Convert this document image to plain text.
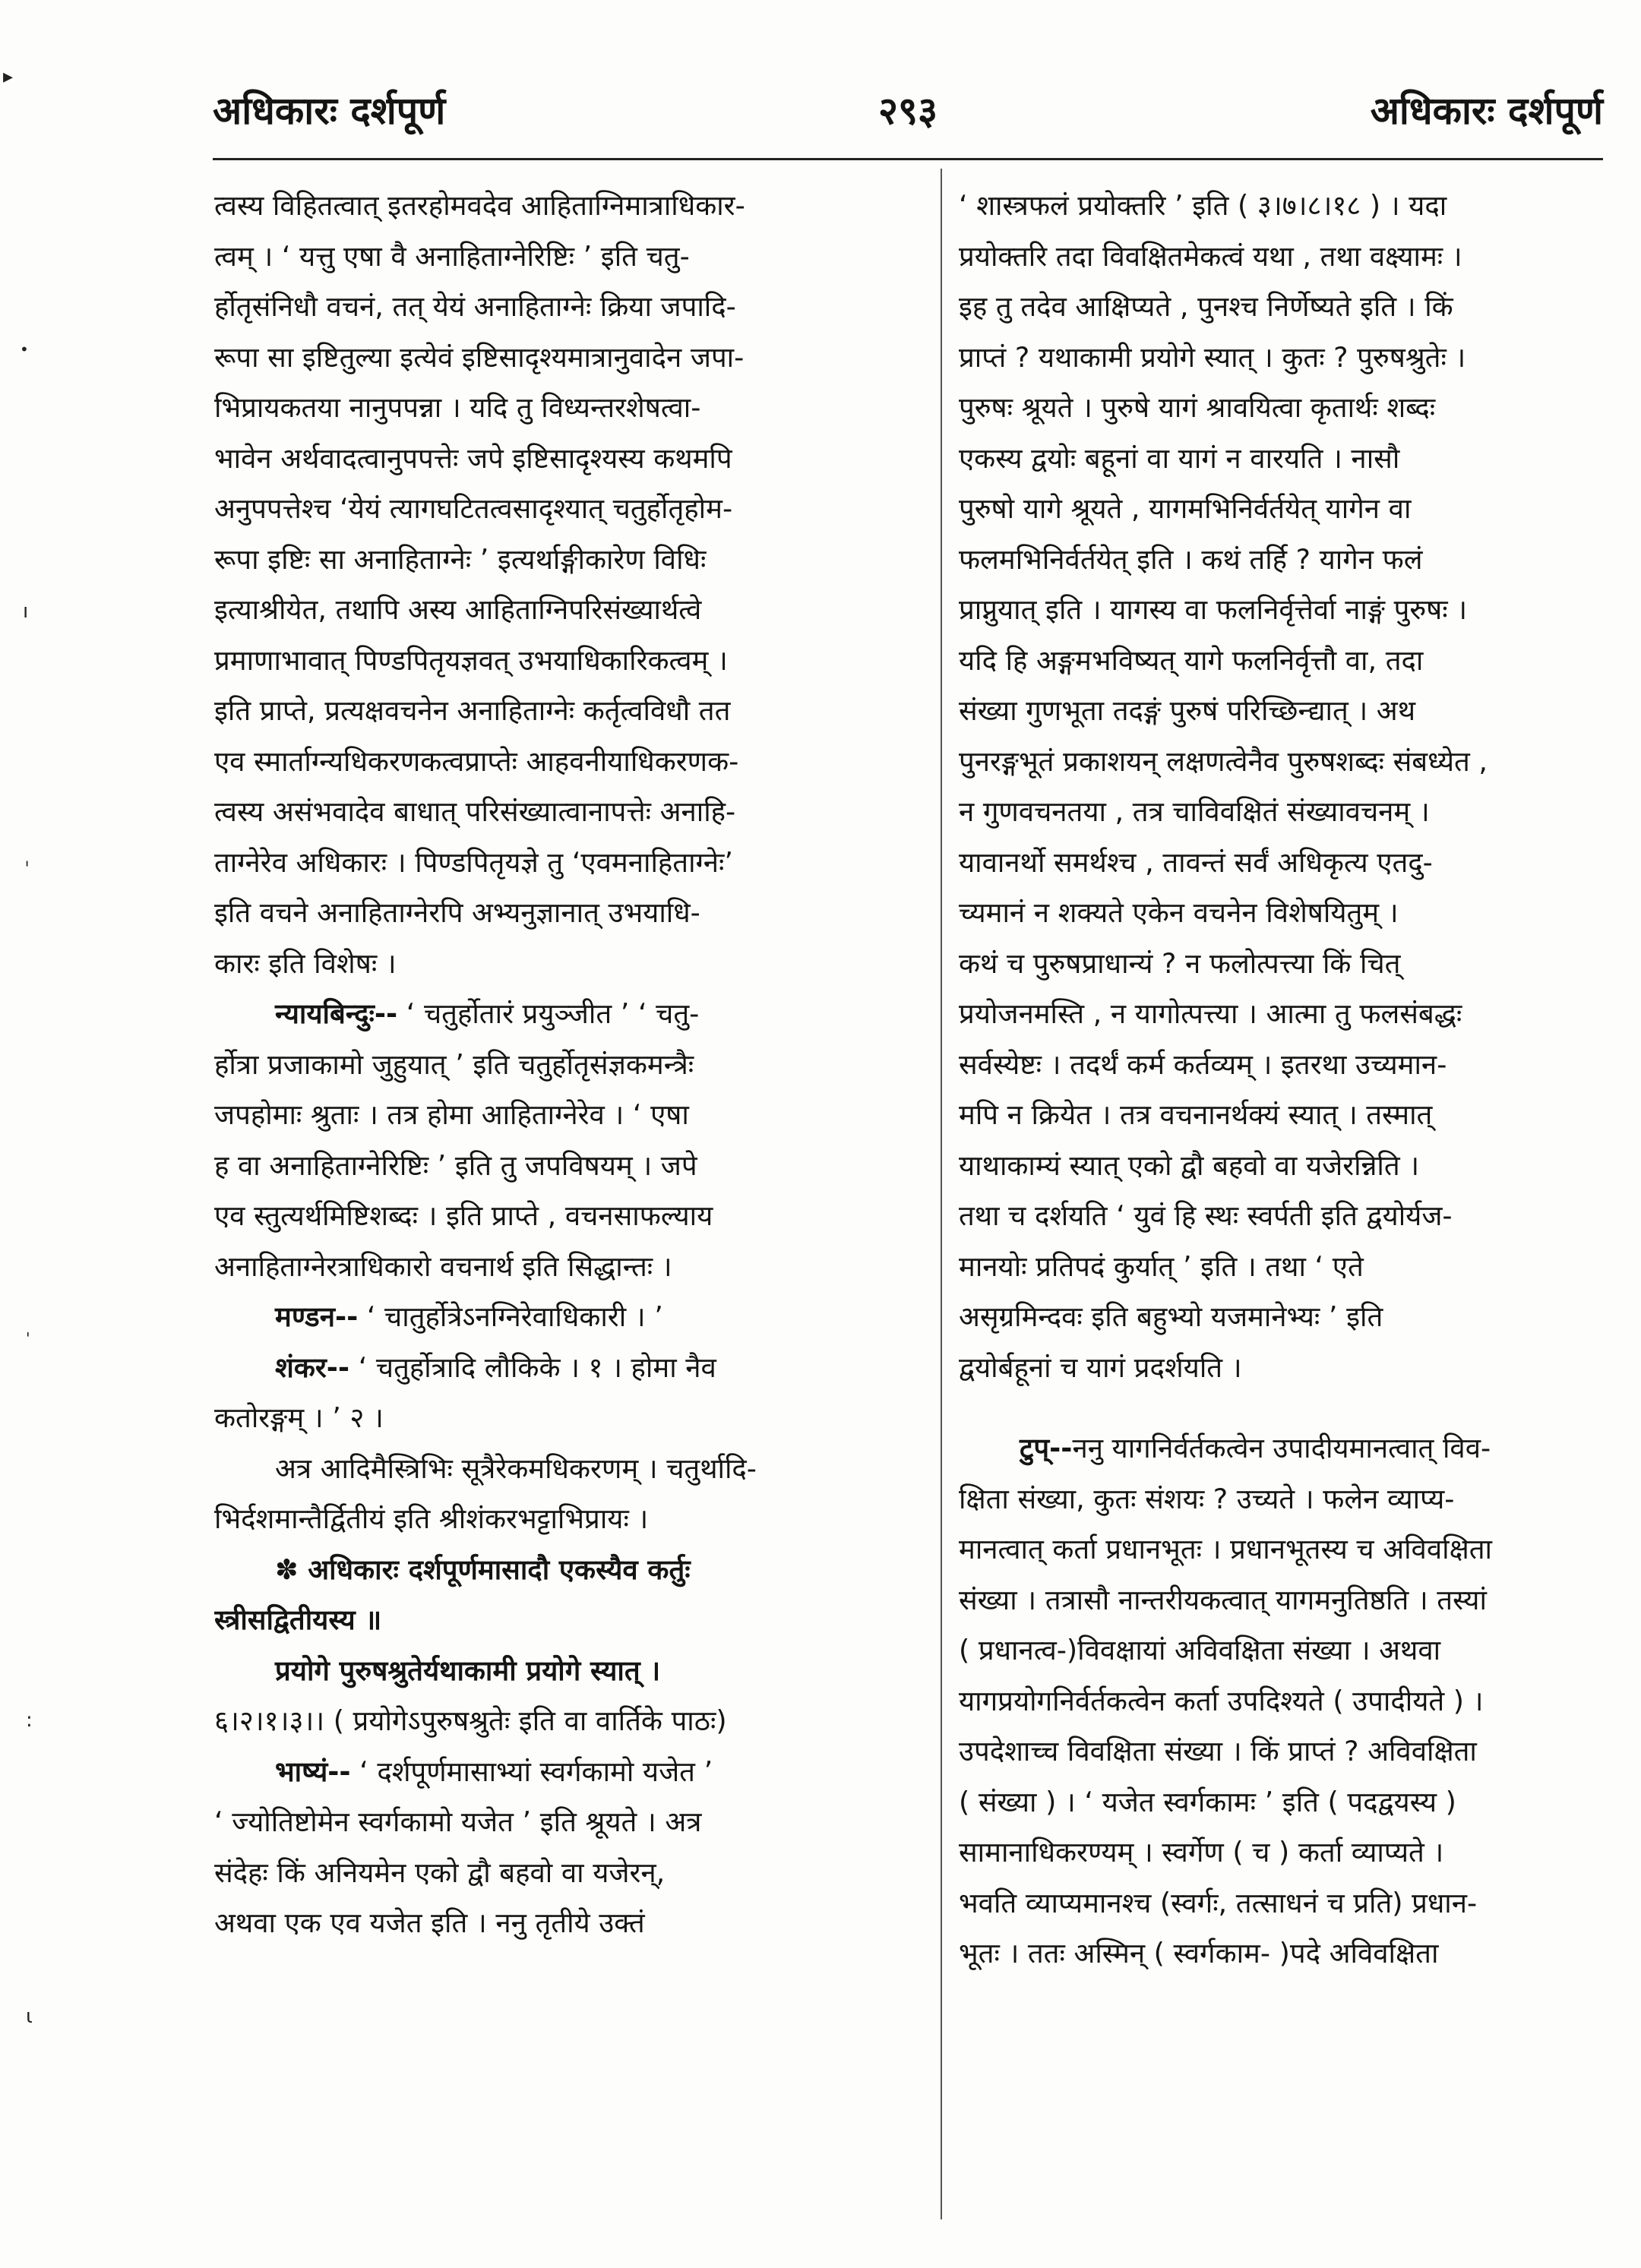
▸
•
ı
ˈ
'
:
ɩ
अधिकारः दर्शपूर्ण	२९३	अधिकारः दर्शपूर्ण
त्वस्य विहितत्वात् इतरहोमवदेव आहिताग्निमात्राधिकार-
त्वम् । ‘ यत्तु एषा वै अनाहिताग्नेरिष्टिः ’ इति चतु-
र्होतृसंनिधौ वचनं, तत् येयं अनाहिताग्नेः क्रिया जपादि-
रूपा सा इष्टितुल्या इत्येवं इष्टिसादृश्यमात्रानुवादेन जपा-
भिप्रायकतया नानुपपन्ना । यदि तु विध्यन्तरशेषत्वा-
भावेन अर्थवादत्वानुपपत्तेः जपे इष्टिसादृश्यस्य कथमपि
अनुपपत्तेश्च ‘येयं त्यागघटितत्वसादृश्यात् चतुर्होतृहोम-
रूपा इष्टिः सा अनाहिताग्नेः ’ इत्यर्थाङ्गीकारेण विधिः
इत्याश्रीयेत, तथापि अस्य आहिताग्निपरिसंख्यार्थत्वे
प्रमाणाभावात् पिण्डपितृयज्ञवत् उभयाधिकारिकत्वम् ।
इति प्राप्ते, प्रत्यक्षवचनेन अनाहिताग्नेः कर्तृत्वविधौ तत
एव स्मार्ताग्न्यधिकरणकत्वप्राप्तेः आहवनीयाधिकरणक-
त्वस्य असंभवादेव बाधात् परिसंख्यात्वानापत्तेः अनाहि-
ताग्नेरेव अधिकारः । पिण्डपितृयज्ञे तु ‘एवमनाहिताग्नेः’
इति वचने अनाहिताग्नेरपि अभ्यनुज्ञानात् उभयाधि-
कारः इति विशेषः ।
न्यायबिन्दुः-- ‘ चतुर्होतारं प्रयुञ्जीत ’ ‘ चतु-
र्होत्रा प्रजाकामो जुहुयात् ’ इति चतुर्होतृसंज्ञकमन्त्रैः
जपहोमाः श्रुताः । तत्र होमा आहिताग्नेरेव । ‘ एषा
ह वा अनाहिताग्नेरिष्टिः ’ इति तु जपविषयम् । जपे
एव स्तुत्यर्थमिष्टिशब्दः । इति प्राप्ते , वचनसाफल्याय
अनाहिताग्नेरत्राधिकारो वचनार्थ इति सिद्धान्तः ।
मण्डन-- ‘ चातुर्होत्रेऽनग्निरेवाधिकारी । ’
शंकर-- ‘ चतुर्होत्रादि लौकिके । १ । होमा नैव
कतोरङ्गम् । ’ २ ।
अत्र आदिमैस्त्रिभिः सूत्रैरेकमधिकरणम् । चतुर्थादि-
भिर्दशमान्तैर्द्वितीयं इति श्रीशंकरभट्टाभिप्रायः ।
✽ अधिकारः दर्शपूर्णमासादौ एकस्यैव कर्तुः
स्त्रीसद्वितीयस्य ॥
प्रयोगे पुरुषश्रुतेर्यथाकामी प्रयोगे स्यात् ।
६।२।१।३।। ( प्रयोगेऽपुरुषश्रुतेः इति वा वार्तिके पाठः)
भाष्यं-- ‘ दर्शपूर्णमासाभ्यां स्वर्गकामो यजेत ’
‘ ज्योतिष्टोमेन स्वर्गकामो यजेत ’ इति श्रूयते । अत्र
संदेहः किं अनियमेन एको द्वौ बहवो वा यजेरन्,
अथवा एक एव यजेत इति । ननु तृतीये उक्तं
‘ शास्त्रफलं प्रयोक्तरि ’ इति ( ३।७।८।१८ ) । यदा
प्रयोक्तरि तदा विवक्षितमेकत्वं यथा , तथा वक्ष्यामः ।
इह तु तदेव आक्षिप्यते , पुनश्च निर्णेष्यते इति । किं
प्राप्तं ? यथाकामी प्रयोगे स्यात् । कुतः ? पुरुषश्रुतेः ।
पुरुषः श्रूयते । पुरुषे यागं श्रावयित्वा कृतार्थः शब्दः
एकस्य द्वयोः बहूनां वा यागं न वारयति । नासौ
पुरुषो यागे श्रूयते , यागमभिनिर्वर्तयेत् यागेन वा
फलमभिनिर्वर्तयेत् इति । कथं तर्हि ? यागेन फलं
प्राप्नुयात् इति । यागस्य वा फलनिर्वृत्तेर्वा नाङ्गं पुरुषः ।
यदि हि अङ्गमभविष्यत् यागे फलनिर्वृत्तौ वा, तदा
संख्या गुणभूता तदङ्गं पुरुषं परिच्छिन्द्यात् । अथ
पुनरङ्गभूतं प्रकाशयन् लक्षणत्वेनैव पुरुषशब्दः संबध्येत ,
न गुणवचनतया , तत्र चाविवक्षितं संख्यावचनम् ।
यावानर्थो समर्थश्च , तावन्तं सर्वं अधिकृत्य एतदु-
च्यमानं न शक्यते एकेन वचनेन विशेषयितुम् ।
कथं च पुरुषप्राधान्यं ? न फलोत्पत्त्या किं चित्
प्रयोजनमस्ति , न यागोत्पत्त्या । आत्मा तु फलसंबद्धः
सर्वस्येष्टः । तदर्थं कर्म कर्तव्यम् । इतरथा उच्यमान-
मपि न क्रियेत । तत्र वचनानर्थक्यं स्यात् । तस्मात्
याथाकाम्यं स्यात् एको द्वौ बहवो वा यजेरन्निति ।
तथा च दर्शयति ‘ युवं हि स्थः स्वर्पती इति द्वयोर्यज-
मानयोः प्रतिपदं कुर्यात् ’ इति । तथा ‘ एते
असृग्रमिन्दवः इति बहुभ्यो यजमानेभ्यः ’ इति
द्वयोर्बहूनां च यागं प्रदर्शयति ।
टुप्--ननु यागनिर्वर्तकत्वेन उपादीयमानत्वात् विव-
क्षिता संख्या, कुतः संशयः ? उच्यते । फलेन व्याप्य-
मानत्वात् कर्ता प्रधानभूतः । प्रधानभूतस्य च अविवक्षिता
संख्या । तत्रासौ नान्तरीयकत्वात् यागमनुतिष्ठति । तस्यां
( प्रधानत्व-)विवक्षायां अविवक्षिता संख्या । अथवा
यागप्रयोगनिर्वर्तकत्वेन कर्ता उपदिश्यते ( उपादीयते ) ।
उपदेशाच्च विवक्षिता संख्या । किं प्राप्तं ? अविवक्षिता
( संख्या ) । ‘ यजेत स्वर्गकामः ’ इति ( पदद्वयस्य )
सामानाधिकरण्यम् । स्वर्गेण ( च ) कर्ता व्याप्यते ।
भवति व्याप्यमानश्च (स्वर्गः, तत्साधनं च प्रति) प्रधान-
भूतः । ततः अस्मिन् ( स्वर्गकाम- )पदे अविवक्षिता
